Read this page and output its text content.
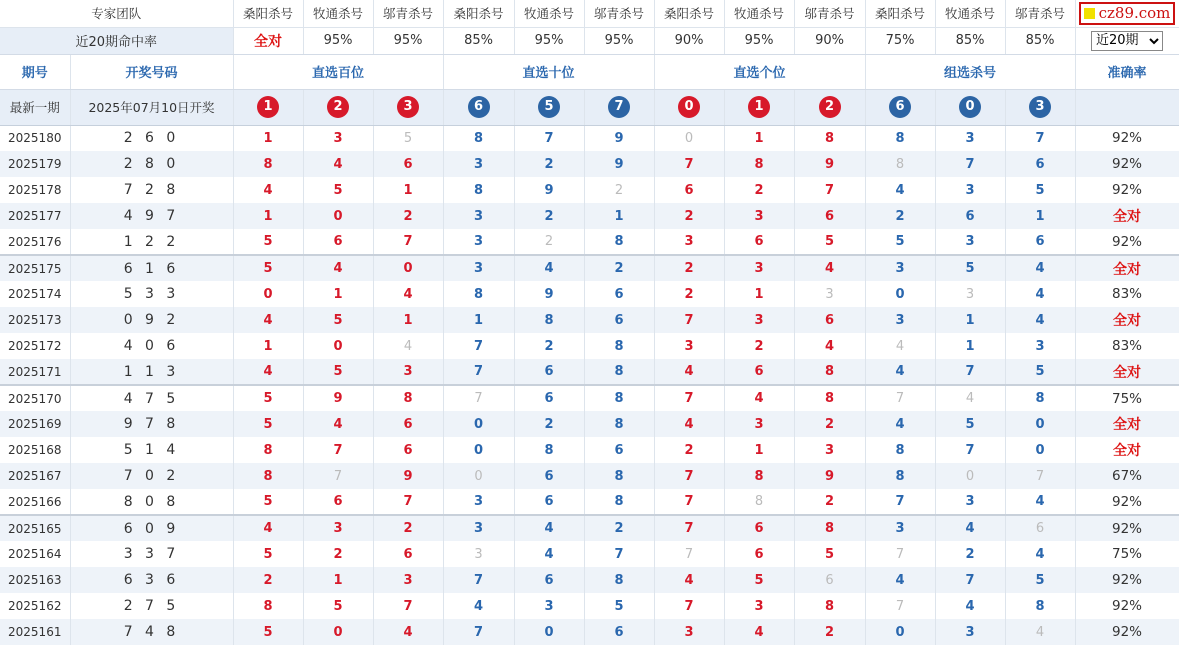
专家团队		桑阳杀号	牧通杀号	邬青杀号	桑阳杀号	牧通杀号	邬青杀号	桑阳杀号	牧通杀号	邬青杀号	桑阳杀号	牧通杀号	邬青杀号	cz89.com

近20期命中率		全对	95%	95%	85%	95%	95%	90%	95%	90%	75%	85%	85%	
近20期
期号	开奖号码	直选百位			直选十位			直选个位			组选杀号			准确率
最新一期	2025年07月10日开奖	1	2	3	6	5	7	0	1	2	6	0	3	
2025180	2 6 0	1	3	5	8	7	9	0	1	8	8	3	7	92%
2025179	2 8 0	8	4	6	3	2	9	7	8	9	8	7	6	92%
2025178	7 2 8	4	5	1	8	9	2	6	2	7	4	3	5	92%
2025177	4 9 7	1	0	2	3	2	1	2	3	6	2	6	1	全对
2025176	1 2 2	5	6	7	3	2	8	3	6	5	5	3	6	92%
2025175	6 1 6	5	4	0	3	4	2	2	3	4	3	5	4	全对
2025174	5 3 3	0	1	4	8	9	6	2	1	3	0	3	4	83%
2025173	0 9 2	4	5	1	1	8	6	7	3	6	3	1	4	全对
2025172	4 0 6	1	0	4	7	2	8	3	2	4	4	1	3	83%
2025171	1 1 3	4	5	3	7	6	8	4	6	8	4	7	5	全对
2025170	4 7 5	5	9	8	7	6	8	7	4	8	7	4	8	75%
2025169	9 7 8	5	4	6	0	2	8	4	3	2	4	5	0	全对
2025168	5 1 4	8	7	6	0	8	6	2	1	3	8	7	0	全对
2025167	7 0 2	8	7	9	0	6	8	7	8	9	8	0	7	67%
2025166	8 0 8	5	6	7	3	6	8	7	8	2	7	3	4	92%
2025165	6 0 9	4	3	2	3	4	2	7	6	8	3	4	6	92%
2025164	3 3 7	5	2	6	3	4	7	7	6	5	7	2	4	75%
2025163	6 3 6	2	1	3	7	6	8	4	5	6	4	7	5	92%
2025162	2 7 5	8	5	7	4	3	5	7	3	8	7	4	8	92%
2025161	7 4 8	5	0	4	7	0	6	3	4	2	0	3	4	92%
